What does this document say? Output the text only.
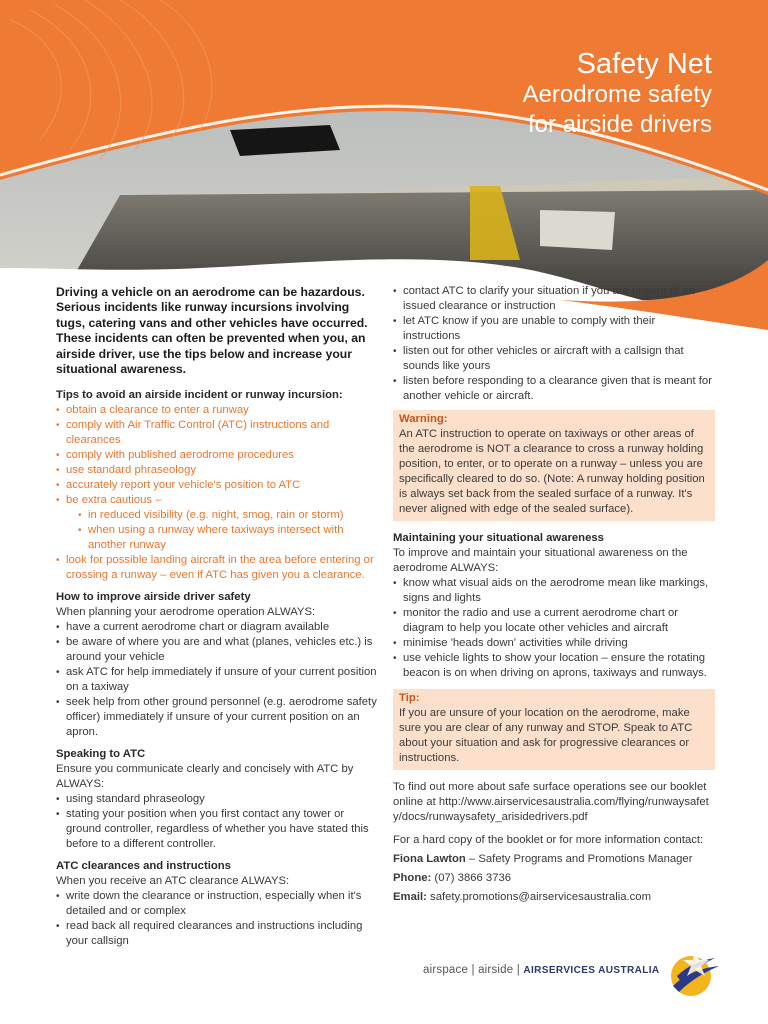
Safety Net
Aerodrome safety
for airside drivers

Driving a vehicle on an aerodrome can be hazardous. Serious incidents like runway incursions involving tugs, catering vans and other vehicles have occurred. These incidents can often be prevented when you, an airside driver, use the tips below and increase your situational awareness.

Tips to avoid an airside incident or runway incursion:
• obtain a clearance to enter a runway
• comply with Air Traffic Control (ATC) instructions and clearances
• comply with published aerodrome procedures
• use standard phraseology
• accurately report your vehicle's position to ATC
• be extra cautious –
• in reduced visibility (e.g. night, smog, rain or storm)
• when using a runway where taxiways intersect with another runway
• look for possible landing aircraft in the area before entering or crossing a runway – even if ATC has given you a clearance.
How to improve airside driver safety

When planning your aerodrome operation ALWAYS:

• have a current aerodrome chart or diagram available
• be aware of where you are and what (planes, vehicles etc.) is around your vehicle
• ask ATC for help immediately if unsure of your current position on a taxiway
• seek help from other ground personnel (e.g. aerodrome safety officer) immediately if unsure of your current position on an apron.
Speaking to ATC

Ensure you communicate clearly and concisely with ATC by ALWAYS:

• using standard phraseology
• stating your position when you first contact any tower or ground controller, regardless of whether you have stated this before to a different controller.
ATC clearances and instructions

When you receive an ATC clearance ALWAYS:

• write down the clearance or instruction, especially when it's detailed and or complex
• read back all required clearances and instructions including your callsign
• contact ATC to clarify your situation if you are unsure of an issued clearance or instruction
• let ATC know if you are unable to comply with their instructions
• listen out for other vehicles or aircraft with a callsign that sounds like yours
• listen before responding to a clearance given that is meant for another vehicle or aircraft.
Warning:
An ATC instruction to operate on taxiways or other areas of the aerodrome is NOT a clearance to cross a runway holding position, to enter, or to operate on a runway – unless you are specifically cleared to do so. (Note: A runway holding position is always set back from the sealed surface of a runway. It's never aligned with edge of the sealed surface).
Maintaining your situational awareness

To improve and maintain your situational awareness on the aerodrome ALWAYS:

• know what visual aids on the aerodrome mean like markings, signs and lights
• monitor the radio and use a current aerodrome chart or diagram to help you locate other vehicles and aircraft
• minimise 'heads down' activities while driving
• use vehicle lights to show your location – ensure the rotating beacon is on when driving on aprons, taxiways and runways.
Tip:
If you are unsure of your location on the aerodrome, make sure you are clear of any runway and STOP. Speak to ATC about your situation and ask for progressive clearances or instructions.

To find out more about safe surface operations see our booklet online at http://www.airservicesaustralia.com/flying/runwaysafety/docs/runwaysafety_arisidedrivers.pdf

For a hard copy of the booklet or for more information contact:

Fiona Lawton – Safety Programs and Promotions Manager

Phone: (07) 3866 3736

Email: safety.promotions@airservicesaustralia.com

airspace | airside | AIRSERVICES AUSTRALIA
